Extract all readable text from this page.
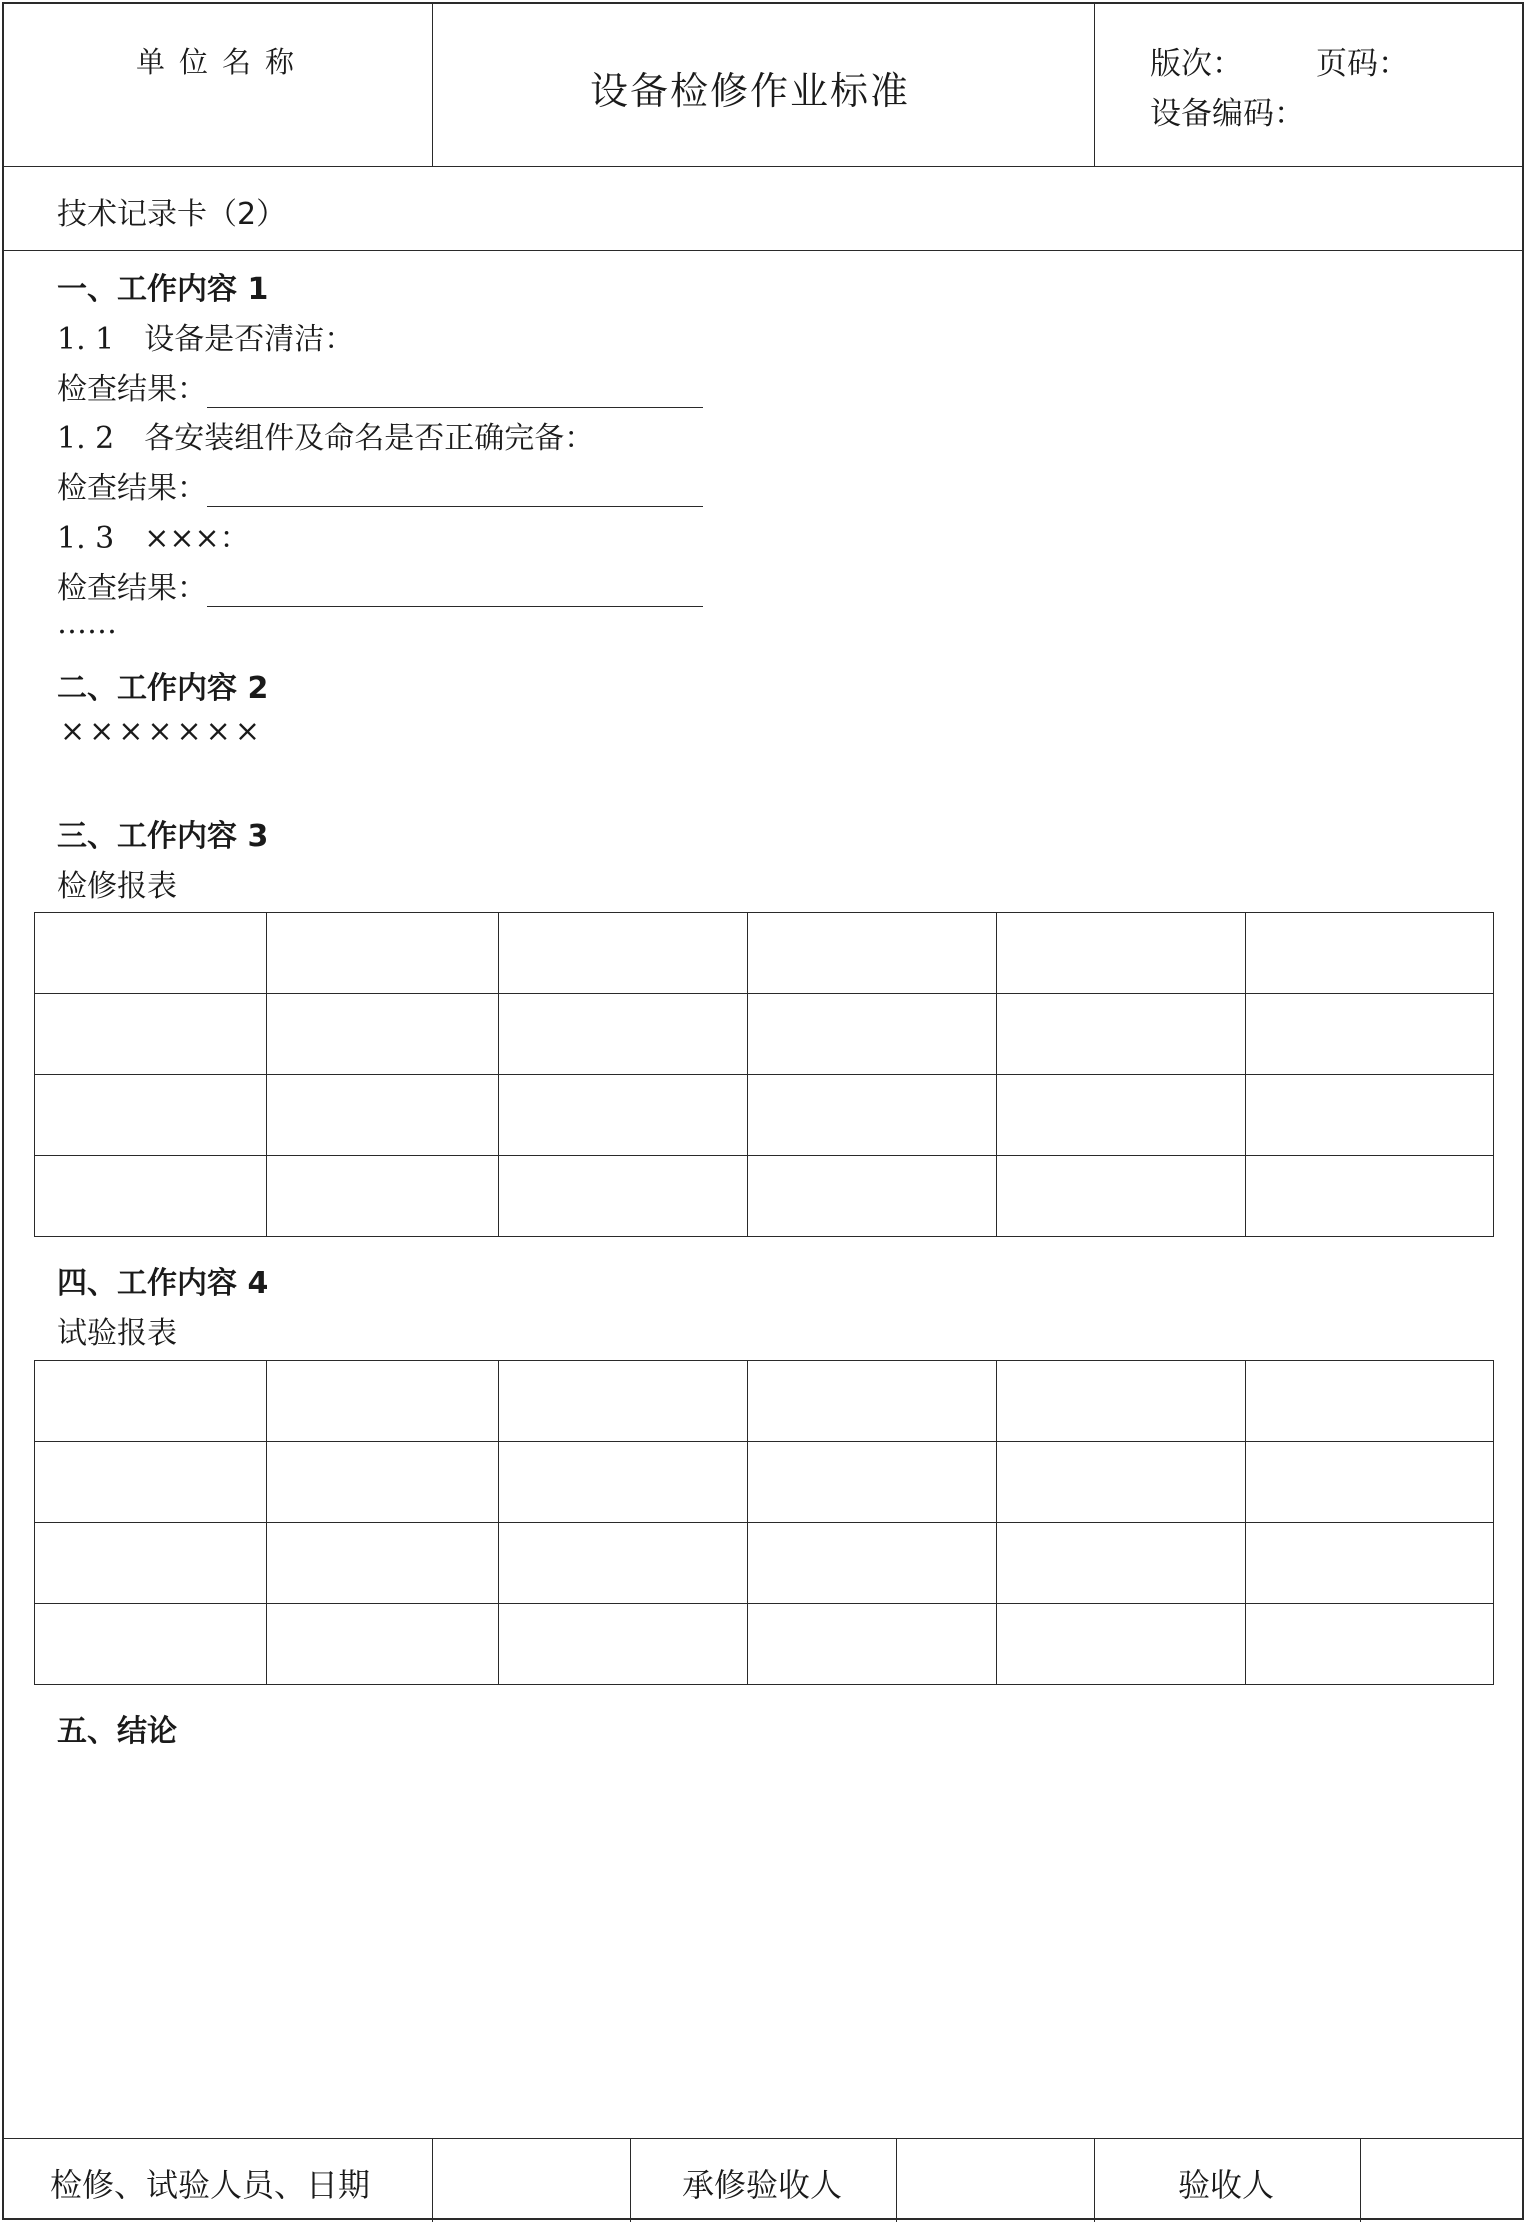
单位名称
设备检修作业标准
版次： 页码：
设备编码：
技术记录卡（2）
一、工作内容 1
1. 1　设备是否清洁：
检查结果：
1. 2　各安装组件及命名是否正确完备：
检查结果：
1. 3　×××：
检查结果：
……
二、工作内容 2
×××××××
三、工作内容 3
检修报表

四、工作内容 4
试验报表

五、结论
检修、试验人员、日期	承修验收人	验收人
